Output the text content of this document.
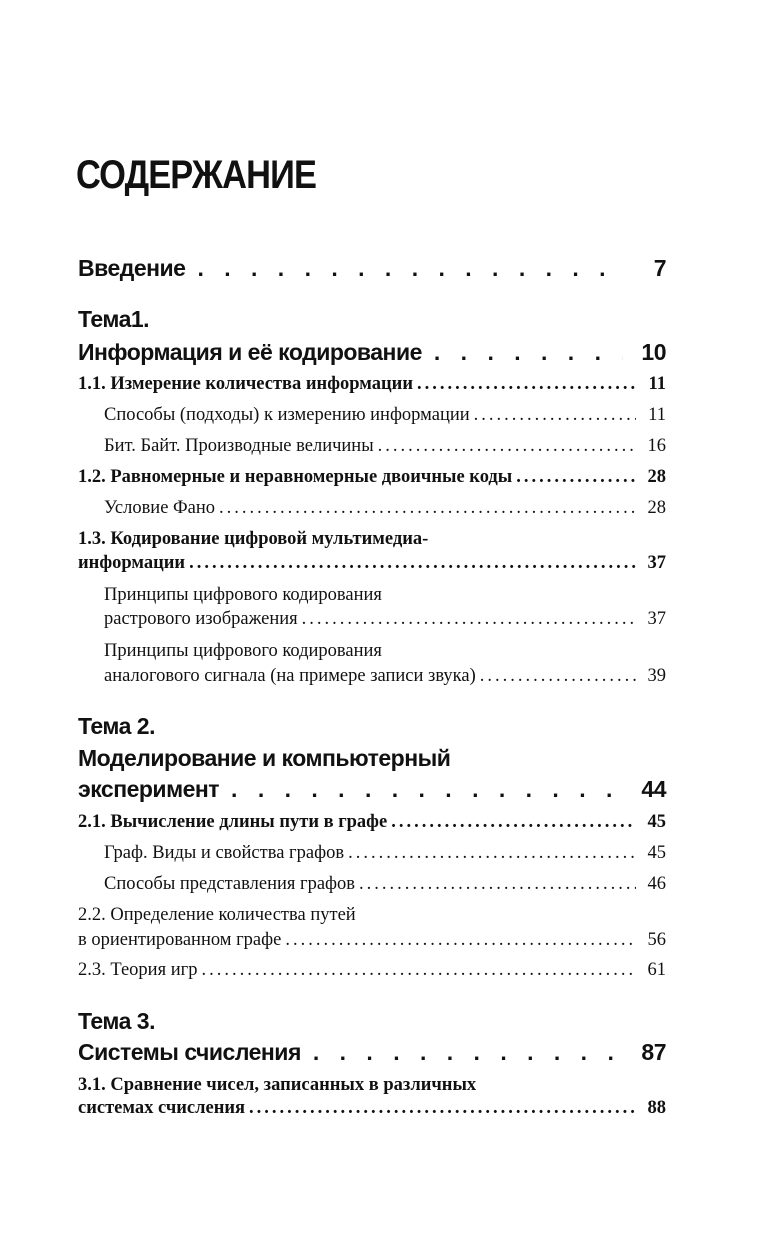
СОДЕРЖАНИЕ
Введение . . .	7
Тема1.
Информация и её кодирование . . .	10
1.1. Измерение количества информации .....	11
Способы (подходы) к измерению информации .....	11
Бит. Байт. Производные величины .....	16
1.2. Равномерные и неравномерные двоичные коды .....	28
Условие Фано .....	28
1.3. Кодирование цифровой мультимедиа-
информации .....	37
Принципы цифрового кодирования
растрового изображения .....	37
Принципы цифрового кодирования
аналогового сигнала (на примере записи звука) .....	39
Тема 2.
Моделирование и компьютерный
эксперимент . . .	44
2.1. Вычисление длины пути в графе .....	45
Граф. Виды и свойства графов .....	45
Способы представления графов .....	46
2.2. Определение количества путей
в ориентированном графе .....	56
2.3. Теория игр .....	61
Тема 3.
Системы счисления . . .	87
3.1. Сравнение чисел, записанных в различных
системах счисления .....	88
